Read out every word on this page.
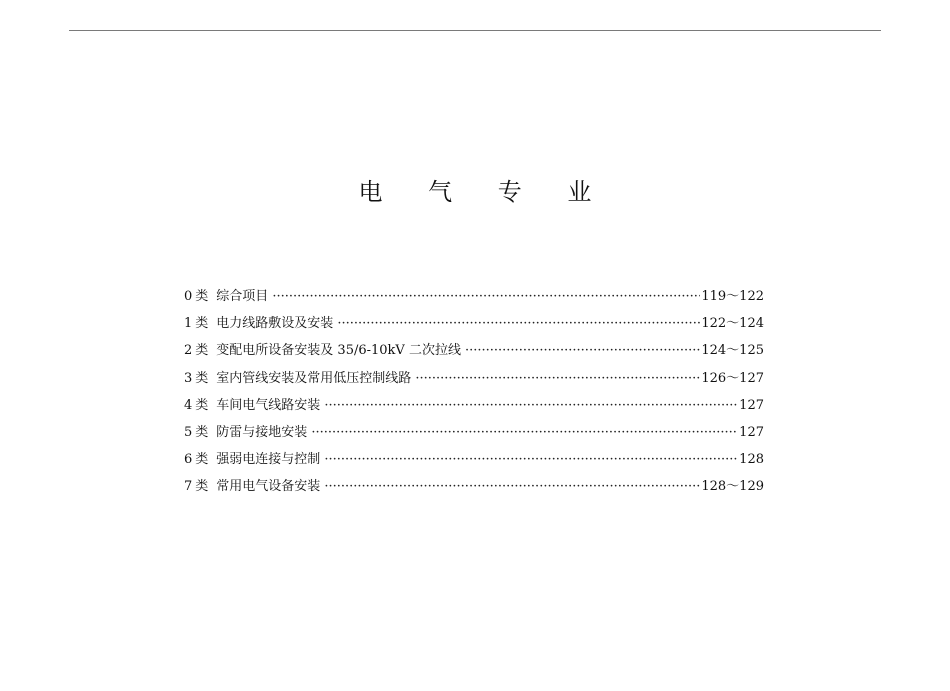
电 气 专 业
0 类 综合项目 ·····	119～122
1 类 电力线路敷设及安装 ·····	122～124
2 类 变配电所设备安装及 35/6-10kV 二次拉线 ·····	124～125
3 类 室内管线安装及常用低压控制线路 ·····	126～127
4 类 车间电气线路安装 ·····	127
5 类 防雷与接地安装 ·····	127
6 类 强弱电连接与控制 ·····	128
7 类 常用电气设备安装 ·····	128～129
